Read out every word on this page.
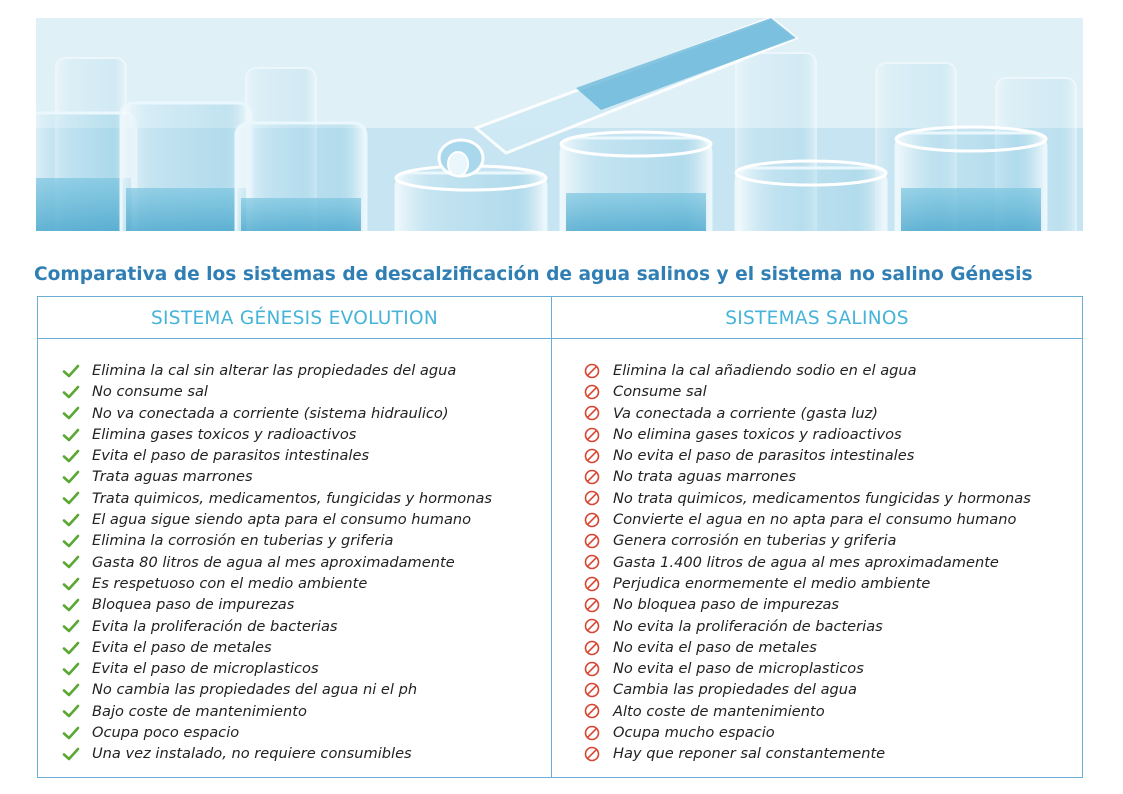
Comparativa de los sistemas de descalzificación de agua salinos y el sistema no salino Génesis
SISTEMA GÉNESIS EVOLUTION	SISTEMAS SALINOS
Elimina la cal sin alterar las propiedades del agua
No consume sal
No va conectada a corriente (sistema hidraulico)
Elimina gases toxicos y radioactivos
Evita el paso de parasitos intestinales
Trata aguas marrones
Trata quimicos, medicamentos, fungicidas y hormonas
El agua sigue siendo apta para el consumo humano
Elimina la corrosión en tuberias y griferia
Gasta 80 litros de agua al mes aproximadamente
Es respetuoso con el medio ambiente
Bloquea paso de impurezas
Evita la proliferación de bacterias
Evita el paso de metales
Evita el paso de microplasticos
No cambia las propiedades del agua ni el ph
Bajo coste de mantenimiento
Ocupa poco espacio
Una vez instalado, no requiere consumibles
Elimina la cal añadiendo sodio en el agua
Consume sal
Va conectada a corriente (gasta luz)
No elimina gases toxicos y radioactivos
No evita el paso de parasitos intestinales
No trata aguas marrones
No trata quimicos, medicamentos fungicidas y hormonas
Convierte el agua en no apta para el consumo humano
Genera corrosión en tuberias y griferia
Gasta 1.400 litros de agua al mes aproximadamente
Perjudica enormemente el medio ambiente
No bloquea paso de impurezas
No evita la proliferación de bacterias
No evita el paso de metales
No evita el paso de microplasticos
Cambia las propiedades del agua
Alto coste de mantenimiento
Ocupa mucho espacio
Hay que reponer sal constantemente
